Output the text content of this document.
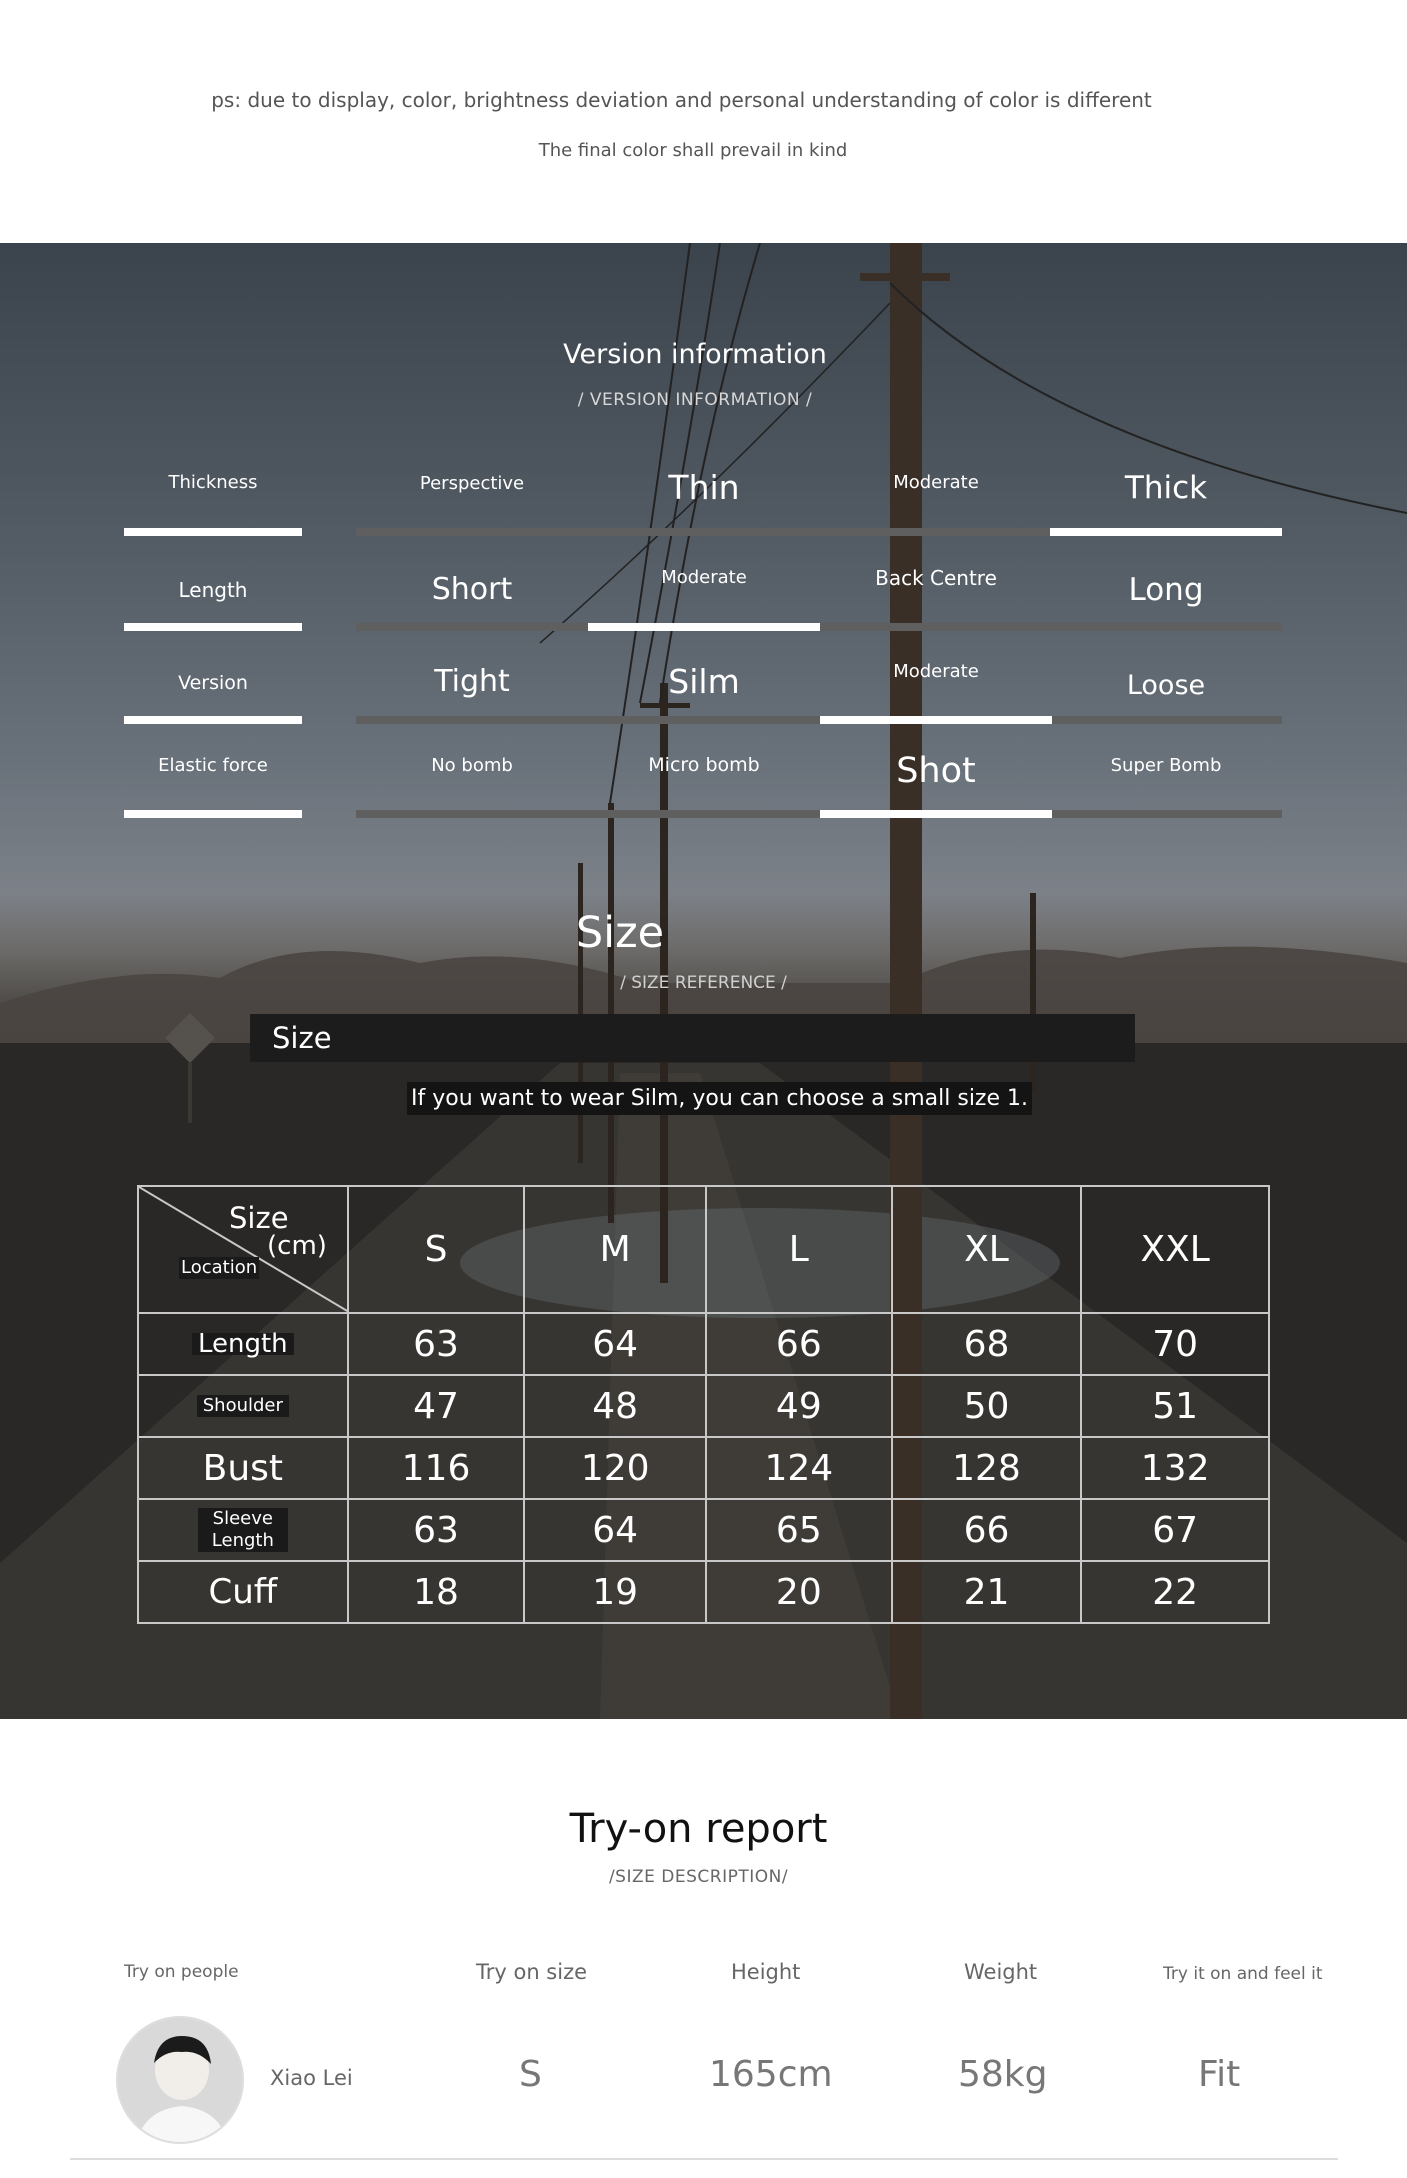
ps: due to display, color, brightness deviation and personal understanding of color is different
The final color shall prevail in kind
Version information
/ VERSION INFORMATION /
Thickness	Perspective	Thin	Moderate	Thick
Length	Short	Moderate	Back Centre	Long
Version	Tight	Silm	Moderate	Loose
Elastic force	No bomb	Micro bomb	Shot	Super Bomb
Size
/ SIZE REFERENCE /
Size
If you want to wear Silm, you can choose a small size 1.
Size
(cm)
Location	S	M	L	XL	XXL
Length	63	64	66	68	70
Shoulder	47	48	49	50	51
Bust	116	120	124	128	132
Sleeve Length	63	64	65	66	67
Cuff	18	19	20	21	22
Try-on report
/SIZE DESCRIPTION/
Try on people	Try on size	Height	Weight	Try it on and feel it
Xiao Lei	S	165cm	58kg	Fit
